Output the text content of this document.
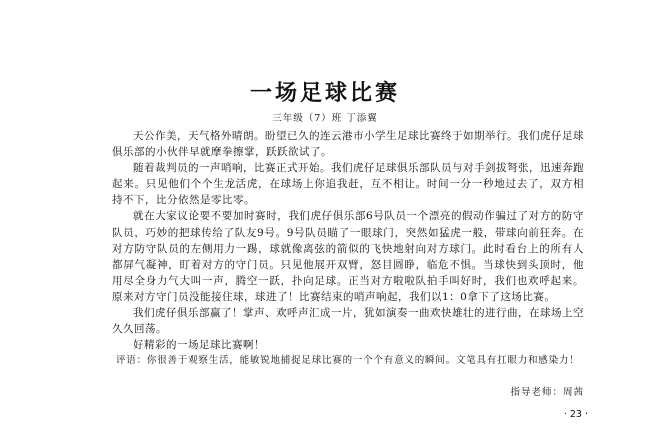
一场足球比赛
三年级（7）班 丁添翼

天公作美，天气格外晴朗。盼望已久的连云港市小学生足球比赛终于如期举行。我们虎仔足球俱乐部的小伙伴早就摩拳擦掌，跃跃欲试了。

随着裁判员的一声哨响，比赛正式开始。我们虎仔足球俱乐部队员与对手剑拔弩张，迅速奔跑起来。只见他们个个生龙活虎，在球场上你追我赶，互不相让。时间一分一秒地过去了，双方相持不下，比分依然是零比零。

就在大家议论要不要加时赛时，我们虎仔俱乐部6号队员一个漂亮的假动作骗过了对方的防守队员，巧妙的把球传给了队友9号。9号队员瞄了一眼球门，突然如猛虎一般，带球向前狂奔。在对方防守队员的左侧用力一踢，球就像离弦的箭似的飞快地射向对方球门。此时看台上的所有人都屏气凝神，盯着对方的守门员。只见他展开双臂，怒目圆睁，临危不惧。当球快到头顶时，他用尽全身力气大叫一声，腾空一跃，扑向足球。正当对方啦啦队拍手叫好时，我们也欢呼起来。原来对方守门员没能接住球，球进了！比赛结束的哨声响起，我们以1：0拿下了这场比赛。

我们虎仔俱乐部赢了！掌声、欢呼声汇成一片，犹如演奏一曲欢快雄壮的进行曲，在球场上空久久回荡。

好精彩的一场足球比赛啊！

评语：你很善于观察生活，能敏锐地捕捉足球比赛的一个个有意义的瞬间。文笔具有扛眼力和感染力！
指导老师：周茜
· 23 ·
